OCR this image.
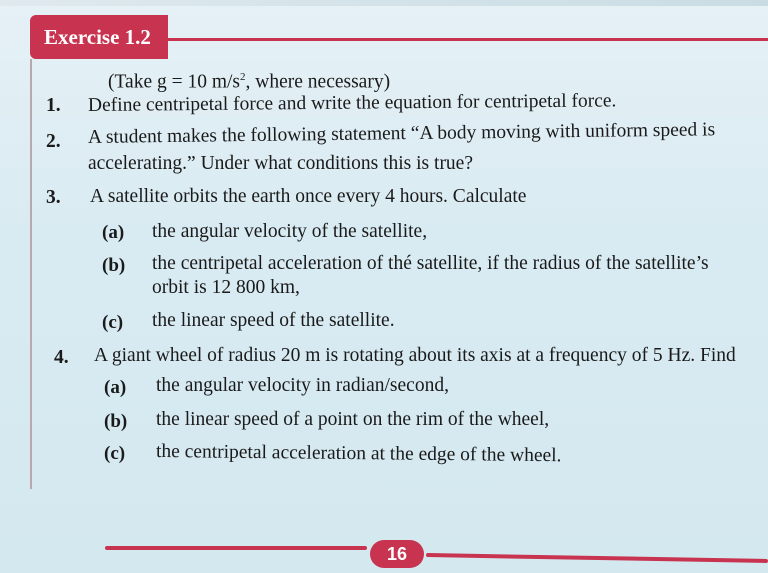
Exercise 1.2
(Take g = 10 $m/s^2$, where necessary)
1. Define centripetal force and write the equation for centripetal force.
2. A student makes the following statement “A body moving with uniform speed is
accelerating.” Under what conditions this is true?
3. A satellite orbits the earth once every 4 hours. Calculate
(a) the angular velocity of the satellite,
(b) the centripetal acceleration of thé satellite, if the radius of the satellite’s
orbit is 12 800 km,
(c) the linear speed of the satellite.
4. A giant wheel of radius 20 m is rotating about its axis at a frequency of 5 Hz. Find
(a) the angular velocity in radian/second,
(b) the linear speed of a point on the rim of the wheel,
(c) the centripetal acceleration at the edge of the wheel.
16
